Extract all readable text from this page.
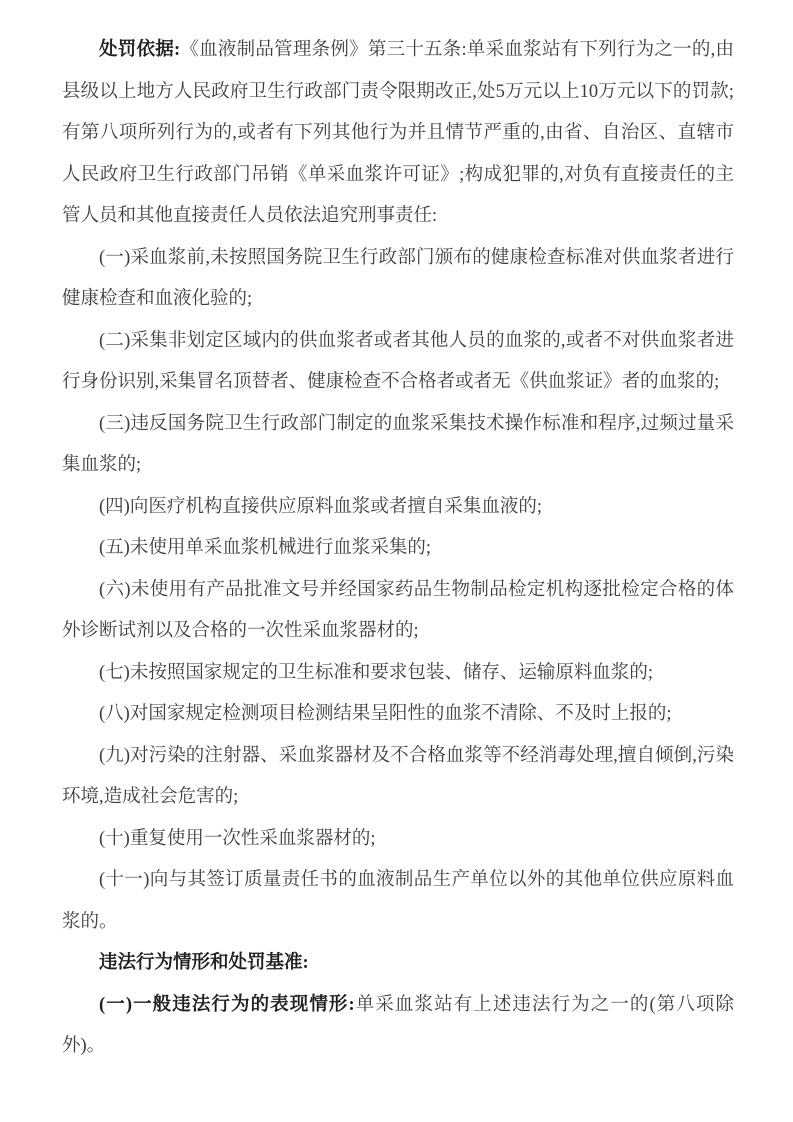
处罚依据:《血液制品管理条例》第三十五条:单采血浆站有下列行为之一的,由县级以上地方人民政府卫生行政部门责令限期改正,处5万元以上10万元以下的罚款;有第八项所列行为的,或者有下列其他行为并且情节严重的,由省、自治区、直辖市人民政府卫生行政部门吊销《单采血浆许可证》;构成犯罪的,对负有直接责任的主管人员和其他直接责任人员依法追究刑事责任:

(一)采血浆前,未按照国务院卫生行政部门颁布的健康检查标准对供血浆者进行健康检查和血液化验的;

(二)采集非划定区域内的供血浆者或者其他人员的血浆的,或者不对供血浆者进行身份识别,采集冒名顶替者、健康检查不合格者或者无《供血浆证》者的血浆的;

(三)违反国务院卫生行政部门制定的血浆采集技术操作标准和程序,过频过量采集血浆的;

(四)向医疗机构直接供应原料血浆或者擅自采集血液的;

(五)未使用单采血浆机械进行血浆采集的;

(六)未使用有产品批准文号并经国家药品生物制品检定机构逐批检定合格的体外诊断试剂以及合格的一次性采血浆器材的;

(七)未按照国家规定的卫生标准和要求包装、储存、运输原料血浆的;

(八)对国家规定检测项目检测结果呈阳性的血浆不清除、不及时上报的;

(九)对污染的注射器、采血浆器材及不合格血浆等不经消毒处理,擅自倾倒,污染环境,造成社会危害的;

(十)重复使用一次性采血浆器材的;

(十一)向与其签订质量责任书的血液制品生产单位以外的其他单位供应原料血浆的。

违法行为情形和处罚基准:

(一)一般违法行为的表现情形:单采血浆站有上述违法行为之一的(第八项除外)。
